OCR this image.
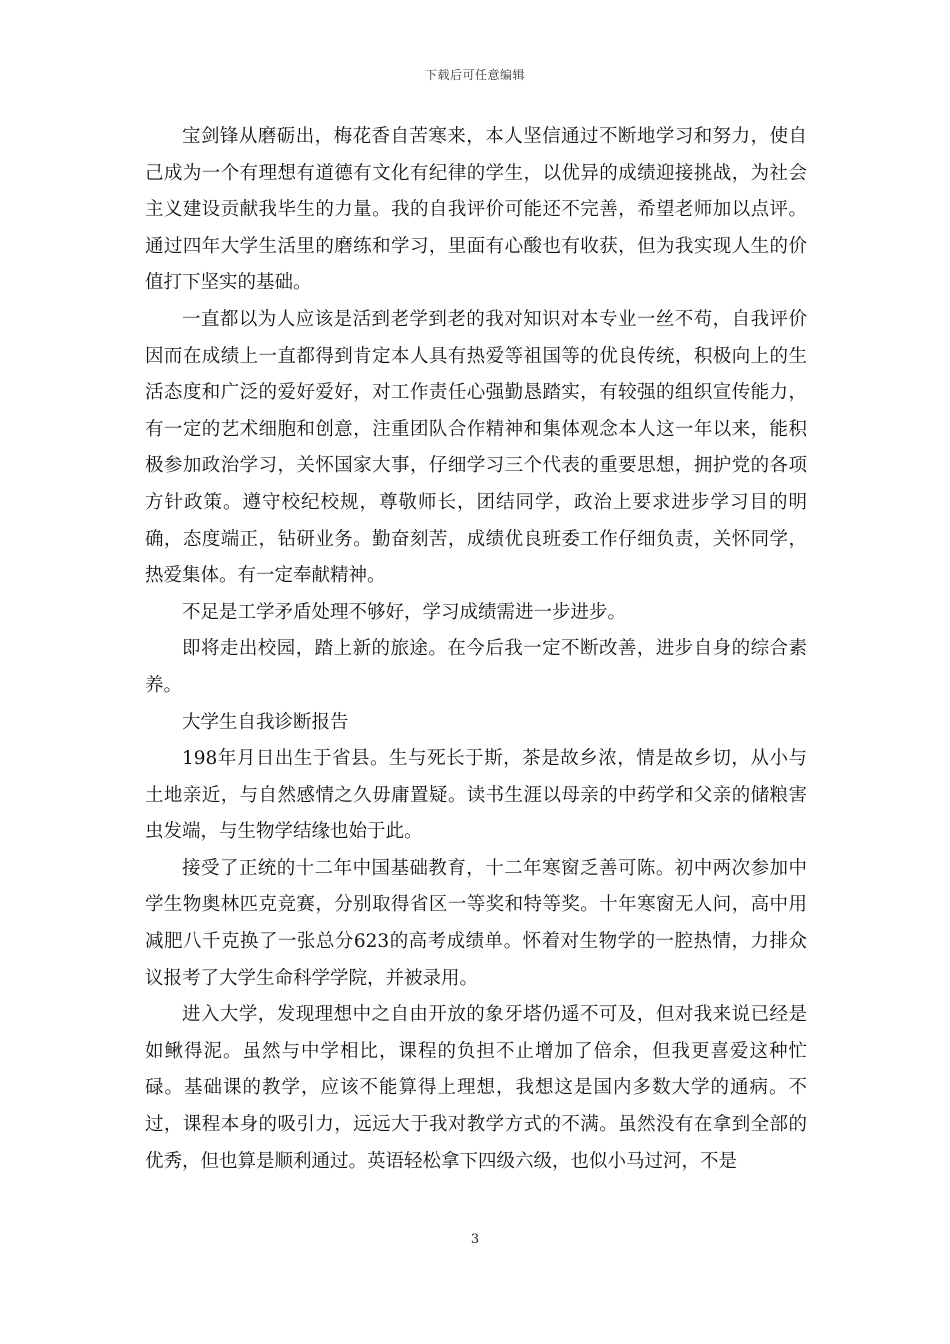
下载后可任意编辑

宝剑锋从磨砺出，梅花香自苦寒来，本人坚信通过不断地学习和努力，使自己成为一个有理想有道德有文化有纪律的学生，以优异的成绩迎接挑战，为社会主义建设贡献我毕生的力量。我的自我评价可能还不完善，希望老师加以点评。通过四年大学生活里的磨练和学习，里面有心酸也有收获，但为我实现人生的价值打下坚实的基础。

一直都以为人应该是活到老学到老的我对知识对本专业一丝不苟，自我评价因而在成绩上一直都得到肯定本人具有热爱等祖国等的优良传统，积极向上的生活态度和广泛的爱好爱好，对工作责任心强勤恳踏实，有较强的组织宣传能力，有一定的艺术细胞和创意，注重团队合作精神和集体观念本人这一年以来，能积极参加政治学习，关怀国家大事，仔细学习三个代表的重要思想，拥护党的各项方针政策。遵守校纪校规，尊敬师长，团结同学，政治上要求进步学习目的明确，态度端正，钻研业务。勤奋刻苦，成绩优良班委工作仔细负责，关怀同学，热爱集体。有一定奉献精神。

不足是工学矛盾处理不够好，学习成绩需进一步进步。

即将走出校园，踏上新的旅途。在今后我一定不断改善，进步自身的综合素养。

大学生自我诊断报告

198年月日出生于省县。生与死长于斯，茶是故乡浓，情是故乡切，从小与土地亲近，与自然感情之久毋庸置疑。读书生涯以母亲的中药学和父亲的储粮害虫发端，与生物学结缘也始于此。

接受了正统的十二年中国基础教育，十二年寒窗乏善可陈。初中两次参加中学生物奥林匹克竞赛，分别取得省区一等奖和特等奖。十年寒窗无人问，高中用减肥八千克换了一张总分623的高考成绩单。怀着对生物学的一腔热情，力排众议报考了大学生命科学学院，并被录用。

进入大学，发现理想中之自由开放的象牙塔仍遥不可及，但对我来说已经是如鳅得泥。虽然与中学相比，课程的负担不止增加了倍余，但我更喜爱这种忙碌。基础课的教学，应该不能算得上理想，我想这是国内多数大学的通病。不过，课程本身的吸引力，远远大于我对教学方式的不满。虽然没有在拿到全部的优秀，但也算是顺利通过。英语轻松拿下四级六级，也似小马过河，不是

3
